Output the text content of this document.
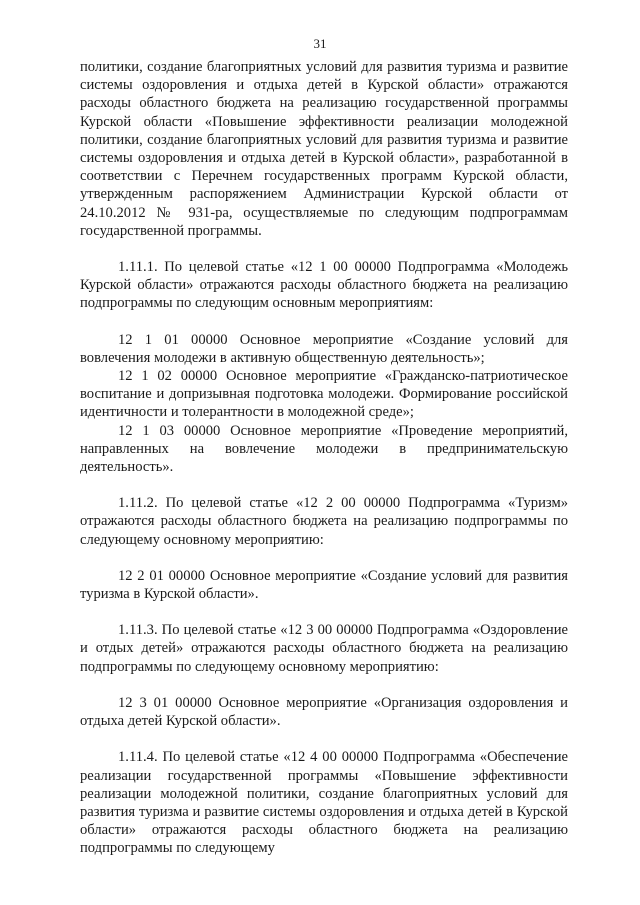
31

политики, создание благоприятных условий для развития туризма и развитие системы оздоровления и отдыха детей в Курской области» отражаются расходы областного бюджета на реализацию государственной программы Курской области «Повышение эффективности реализации молодежной политики, создание благоприятных условий для развития туризма и развитие системы оздоровления и отдыха детей в Курской области», разработанной в соответствии с Перечнем государственных программ Курской области, утвержденным распоряжением Администрации Курской области от 24.10.2012 № 931-ра, осуществляемые по следующим подпрограммам государственной программы.

1.11.1. По целевой статье «12 1 00 00000 Подпрограмма «Молодежь Курской области» отражаются расходы областного бюджета на реализацию подпрограммы по следующим основным мероприятиям:

12 1 01 00000 Основное мероприятие «Создание условий для вовлечения молодежи в активную общественную деятельность»;

12 1 02 00000 Основное мероприятие «Гражданско-патриотическое воспитание и допризывная подготовка молодежи. Формирование российской идентичности и толерантности в молодежной среде»;

12 1 03 00000 Основное мероприятие «Проведение мероприятий, направленных на вовлечение молодежи в предпринимательскую деятельность».

1.11.2. По целевой статье «12 2 00 00000 Подпрограмма «Туризм» отражаются расходы областного бюджета на реализацию подпрограммы по следующему основному мероприятию:

12 2 01 00000 Основное мероприятие «Создание условий для развития туризма в Курской области».

1.11.3. По целевой статье «12 3 00 00000 Подпрограмма «Оздоровление и отдых детей» отражаются расходы областного бюджета на реализацию подпрограммы по следующему основному мероприятию:

12 3 01 00000 Основное мероприятие «Организация оздоровления и отдыха детей Курской области».

1.11.4. По целевой статье «12 4 00 00000 Подпрограмма «Обеспечение реализации государственной программы «Повышение эффективности реализации молодежной политики, создание благоприятных условий для развития туризма и развитие системы оздоровления и отдыха детей в Курской области» отражаются расходы областного бюджета на реализацию подпрограммы по следующему
